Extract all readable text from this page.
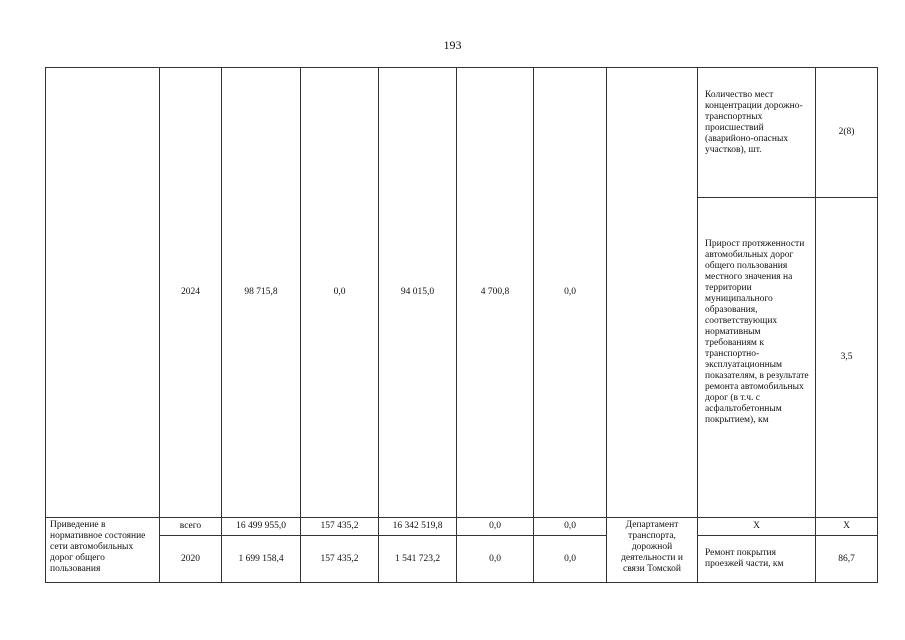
193
	2024	98 715,8	0,0	94 015,0	4 700,8	0,0		Количество мест концентрации дорожно-транспортных происшествий (аварийоно-опасных участков), шт.	2(8)
								Прирост протяженности автомобильных дорог общего пользования местного значения на территории муниципального образования, соответствующих нормативным требованиям к транспортно-эксплуатационным показателям, в результате ремонта автомобильных дорог (в т.ч. с асфальтобетонным покрытием), км	3,5
Приведение в нормативное состояние сети автомобильных дорог общего пользования	всего	16 499 955,0	157 435,2	16 342 519,8	0,0	0,0	Департамент транспорта, дорожной деятельности и связи Томской	X	X
	2020	1 699 158,4	157 435,2	1 541 723,2	0,0	0,0		Ремонт покрытия проезжей части, км	86,7
